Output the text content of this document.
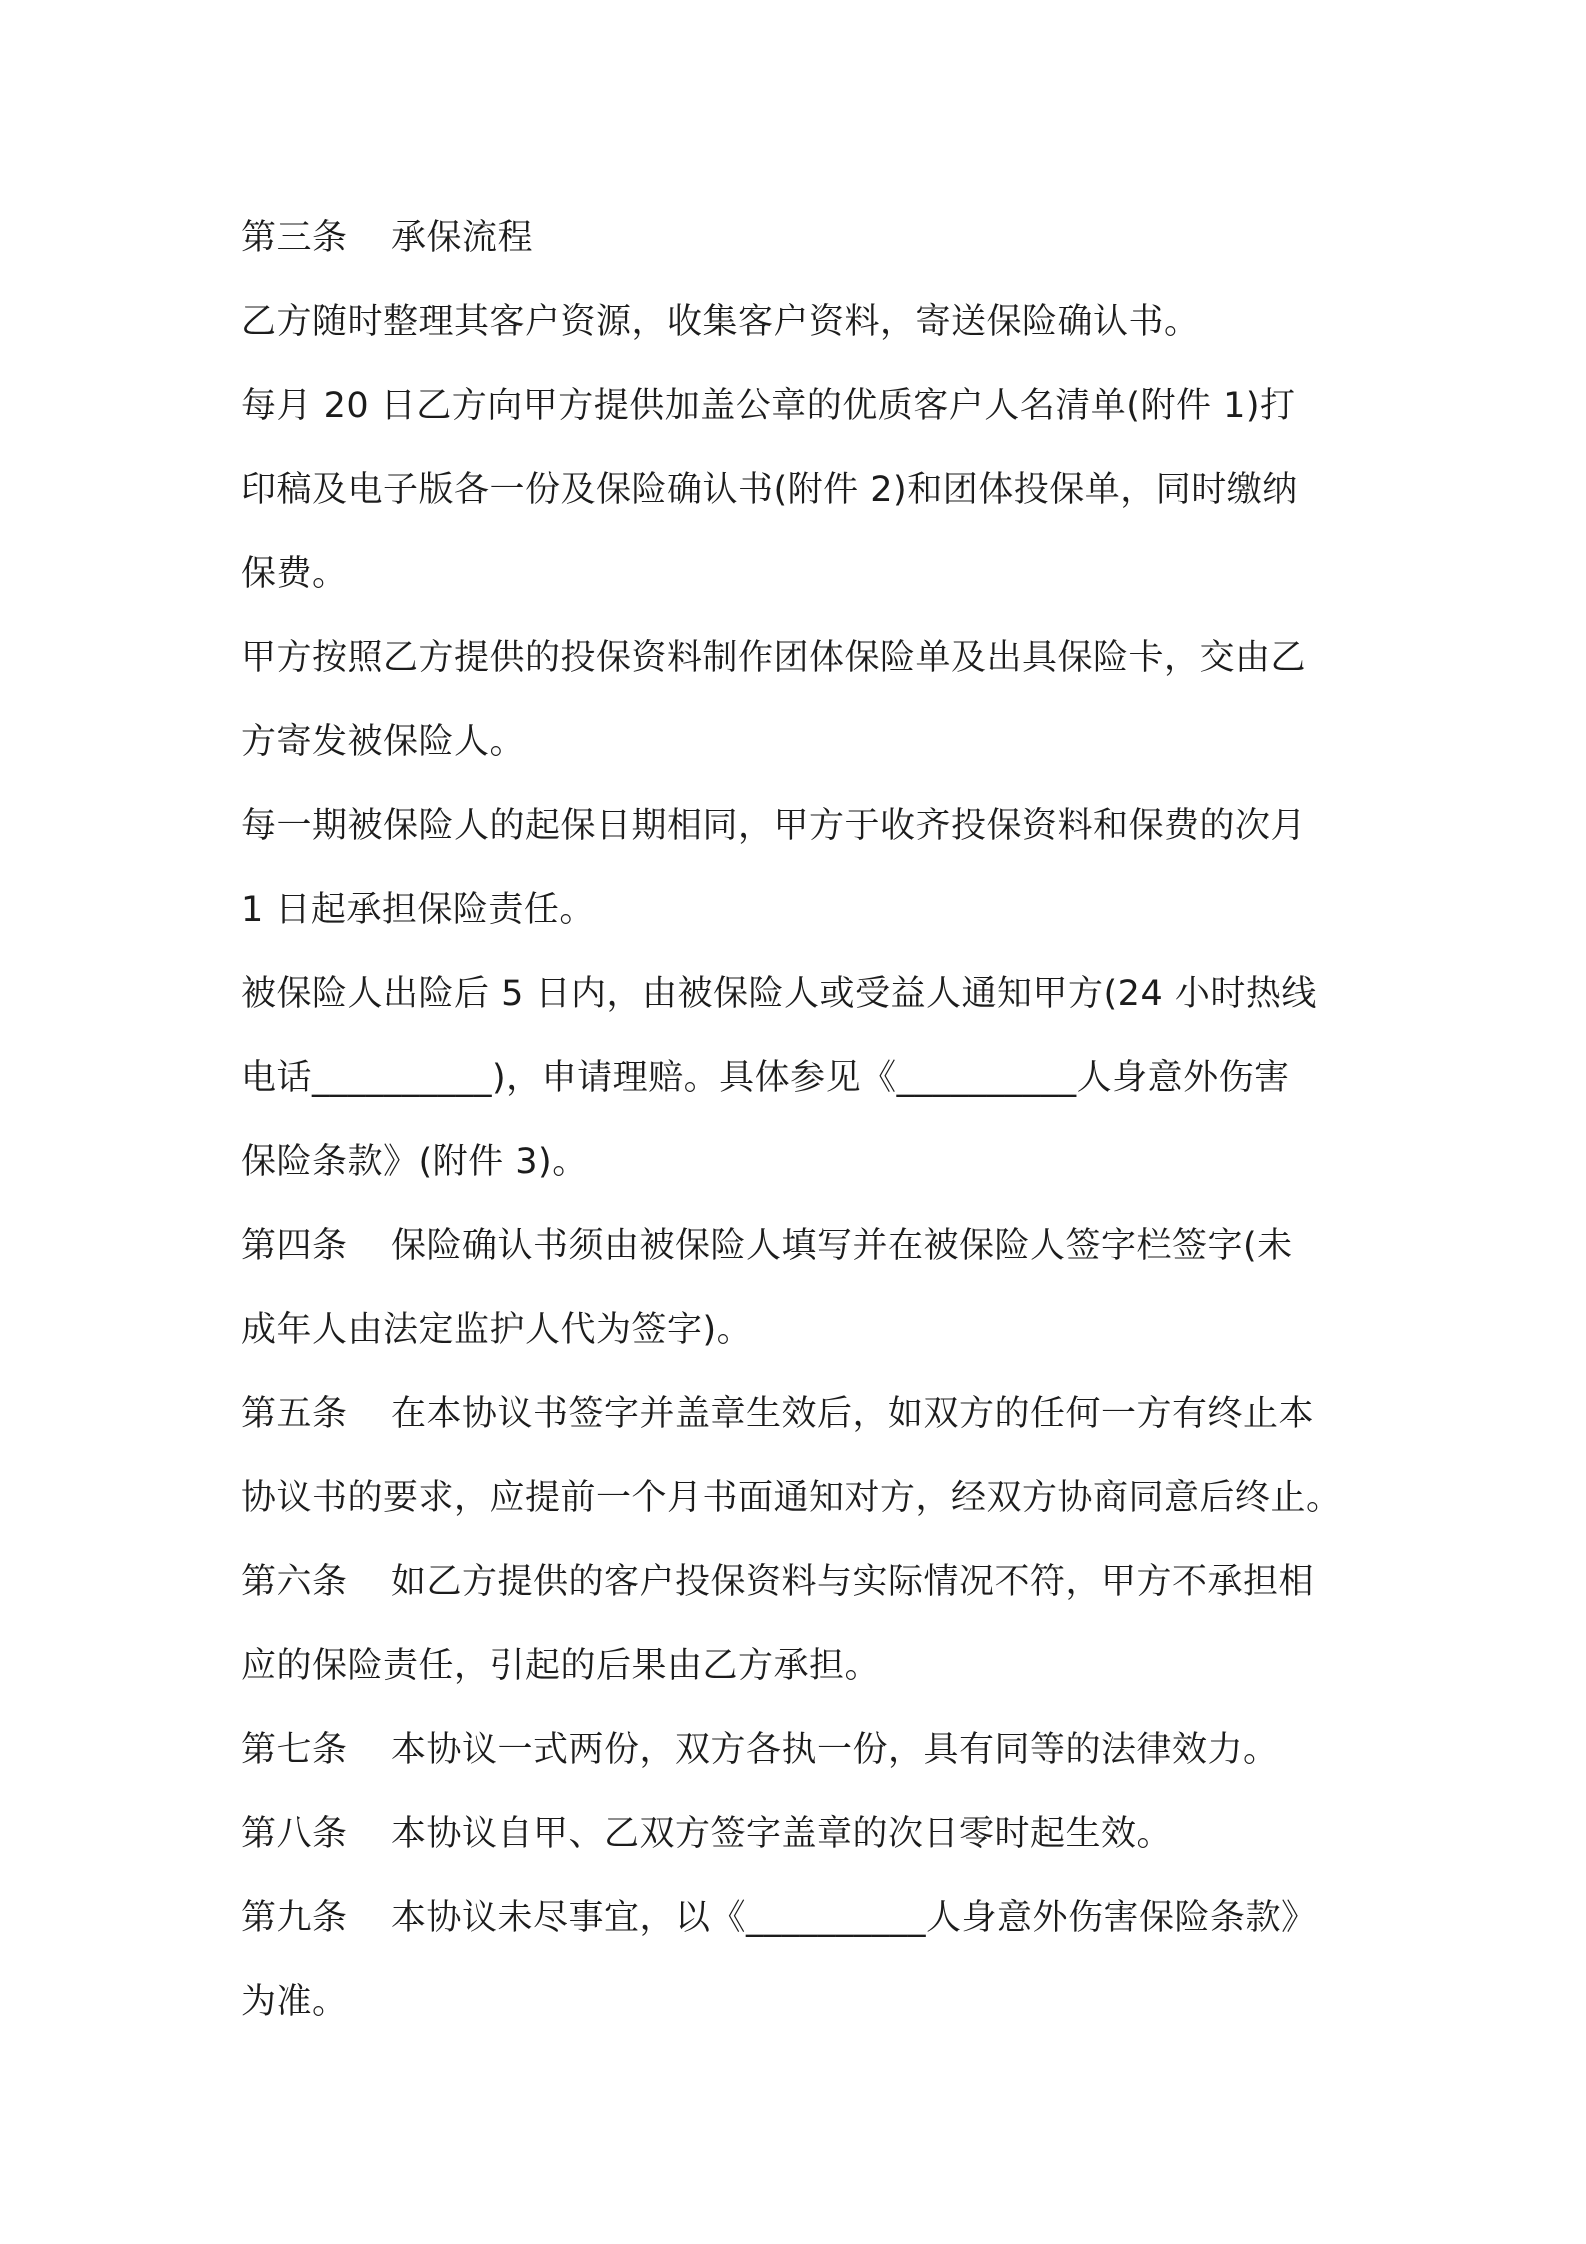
第三条 承保流程

乙方随时整理其客户资源，收集客户资料，寄送保险确认书。

每月 20 日乙方向甲方提供加盖公章的优质客户人名清单(附件 1)打

印稿及电子版各一份及保险确认书(附件 2)和团体投保单，同时缴纳

保费。

甲方按照乙方提供的投保资料制作团体保险单及出具保险卡，交由乙

方寄发被保险人。

每一期被保险人的起保日期相同，甲方于收齐投保资料和保费的次月

1 日起承担保险责任。

被保险人出险后 5 日内，由被保险人或受益人通知甲方(24 小时热线

电话__________)，申请理赔。具体参见《__________人身意外伤害

保险条款》(附件 3)。

第四条 保险确认书须由被保险人填写并在被保险人签字栏签字(未

成年人由法定监护人代为签字)。

第五条 在本协议书签字并盖章生效后，如双方的任何一方有终止本

协议书的要求，应提前一个月书面通知对方，经双方协商同意后终止。

第六条 如乙方提供的客户投保资料与实际情况不符，甲方不承担相

应的保险责任，引起的后果由乙方承担。

第七条 本协议一式两份，双方各执一份，具有同等的法律效力。

第八条 本协议自甲、乙双方签字盖章的次日零时起生效。

第九条 本协议未尽事宜，以《__________人身意外伤害保险条款》

为准。
